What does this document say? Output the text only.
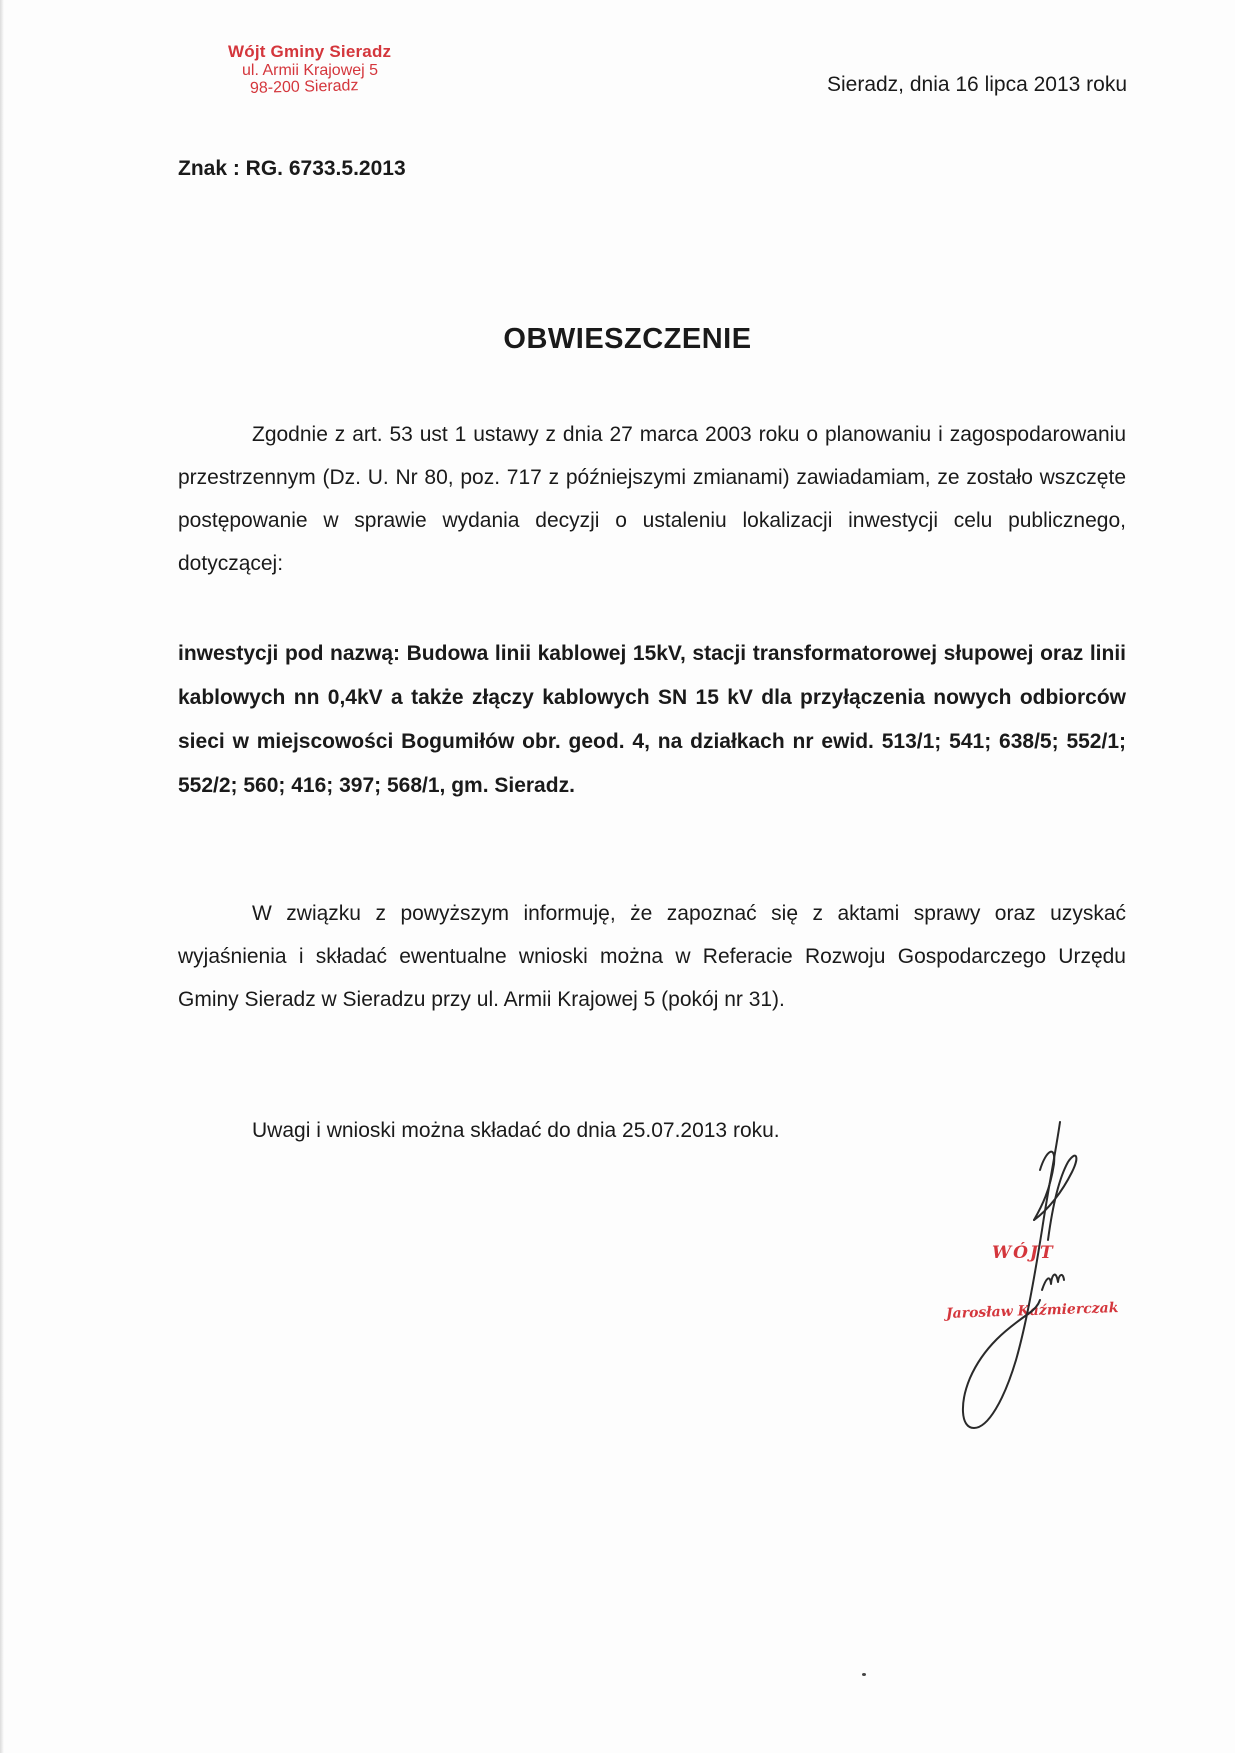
Wójt Gminy Sieradz
ul. Armii Krajowej 5
98-200 Sieradz	Sieradz, dnia 16 lipca 2013 roku
Znak : RG. 6733.5.2013
OBWIESZCZENIE
Zgodnie z art. 53 ust 1 ustawy z dnia 27 marca 2003 roku o planowaniu i zagospodarowaniu przestrzennym (Dz. U. Nr 80, poz. 717 z późniejszymi zmianami) zawiadamiam, ze zostało wszczęte postępowanie w sprawie wydania decyzji o ustaleniu lokalizacji inwestycji celu publicznego, dotyczącej:
inwestycji pod nazwą: Budowa linii kablowej 15kV, stacji transformatorowej słupowej oraz linii kablowych nn 0,4kV a także złączy kablowych SN 15 kV dla przyłączenia nowych odbiorców sieci w miejscowości Bogumiłów obr. geod. 4, na działkach nr ewid. 513/1; 541; 638/5; 552/1; 552/2; 560; 416; 397; 568/1, gm. Sieradz.
W związku z powyższym informuję, że zapoznać się z aktami sprawy oraz uzyskać wyjaśnienia i składać ewentualne wnioski można w Referacie Rozwoju Gospodarczego Urzędu Gminy Sieradz w Sieradzu przy ul. Armii Krajowej 5 (pokój nr 31).
Uwagi i wnioski można składać do dnia 25.07.2013 roku.
WÓJT
Jarosław Kaźmierczak
